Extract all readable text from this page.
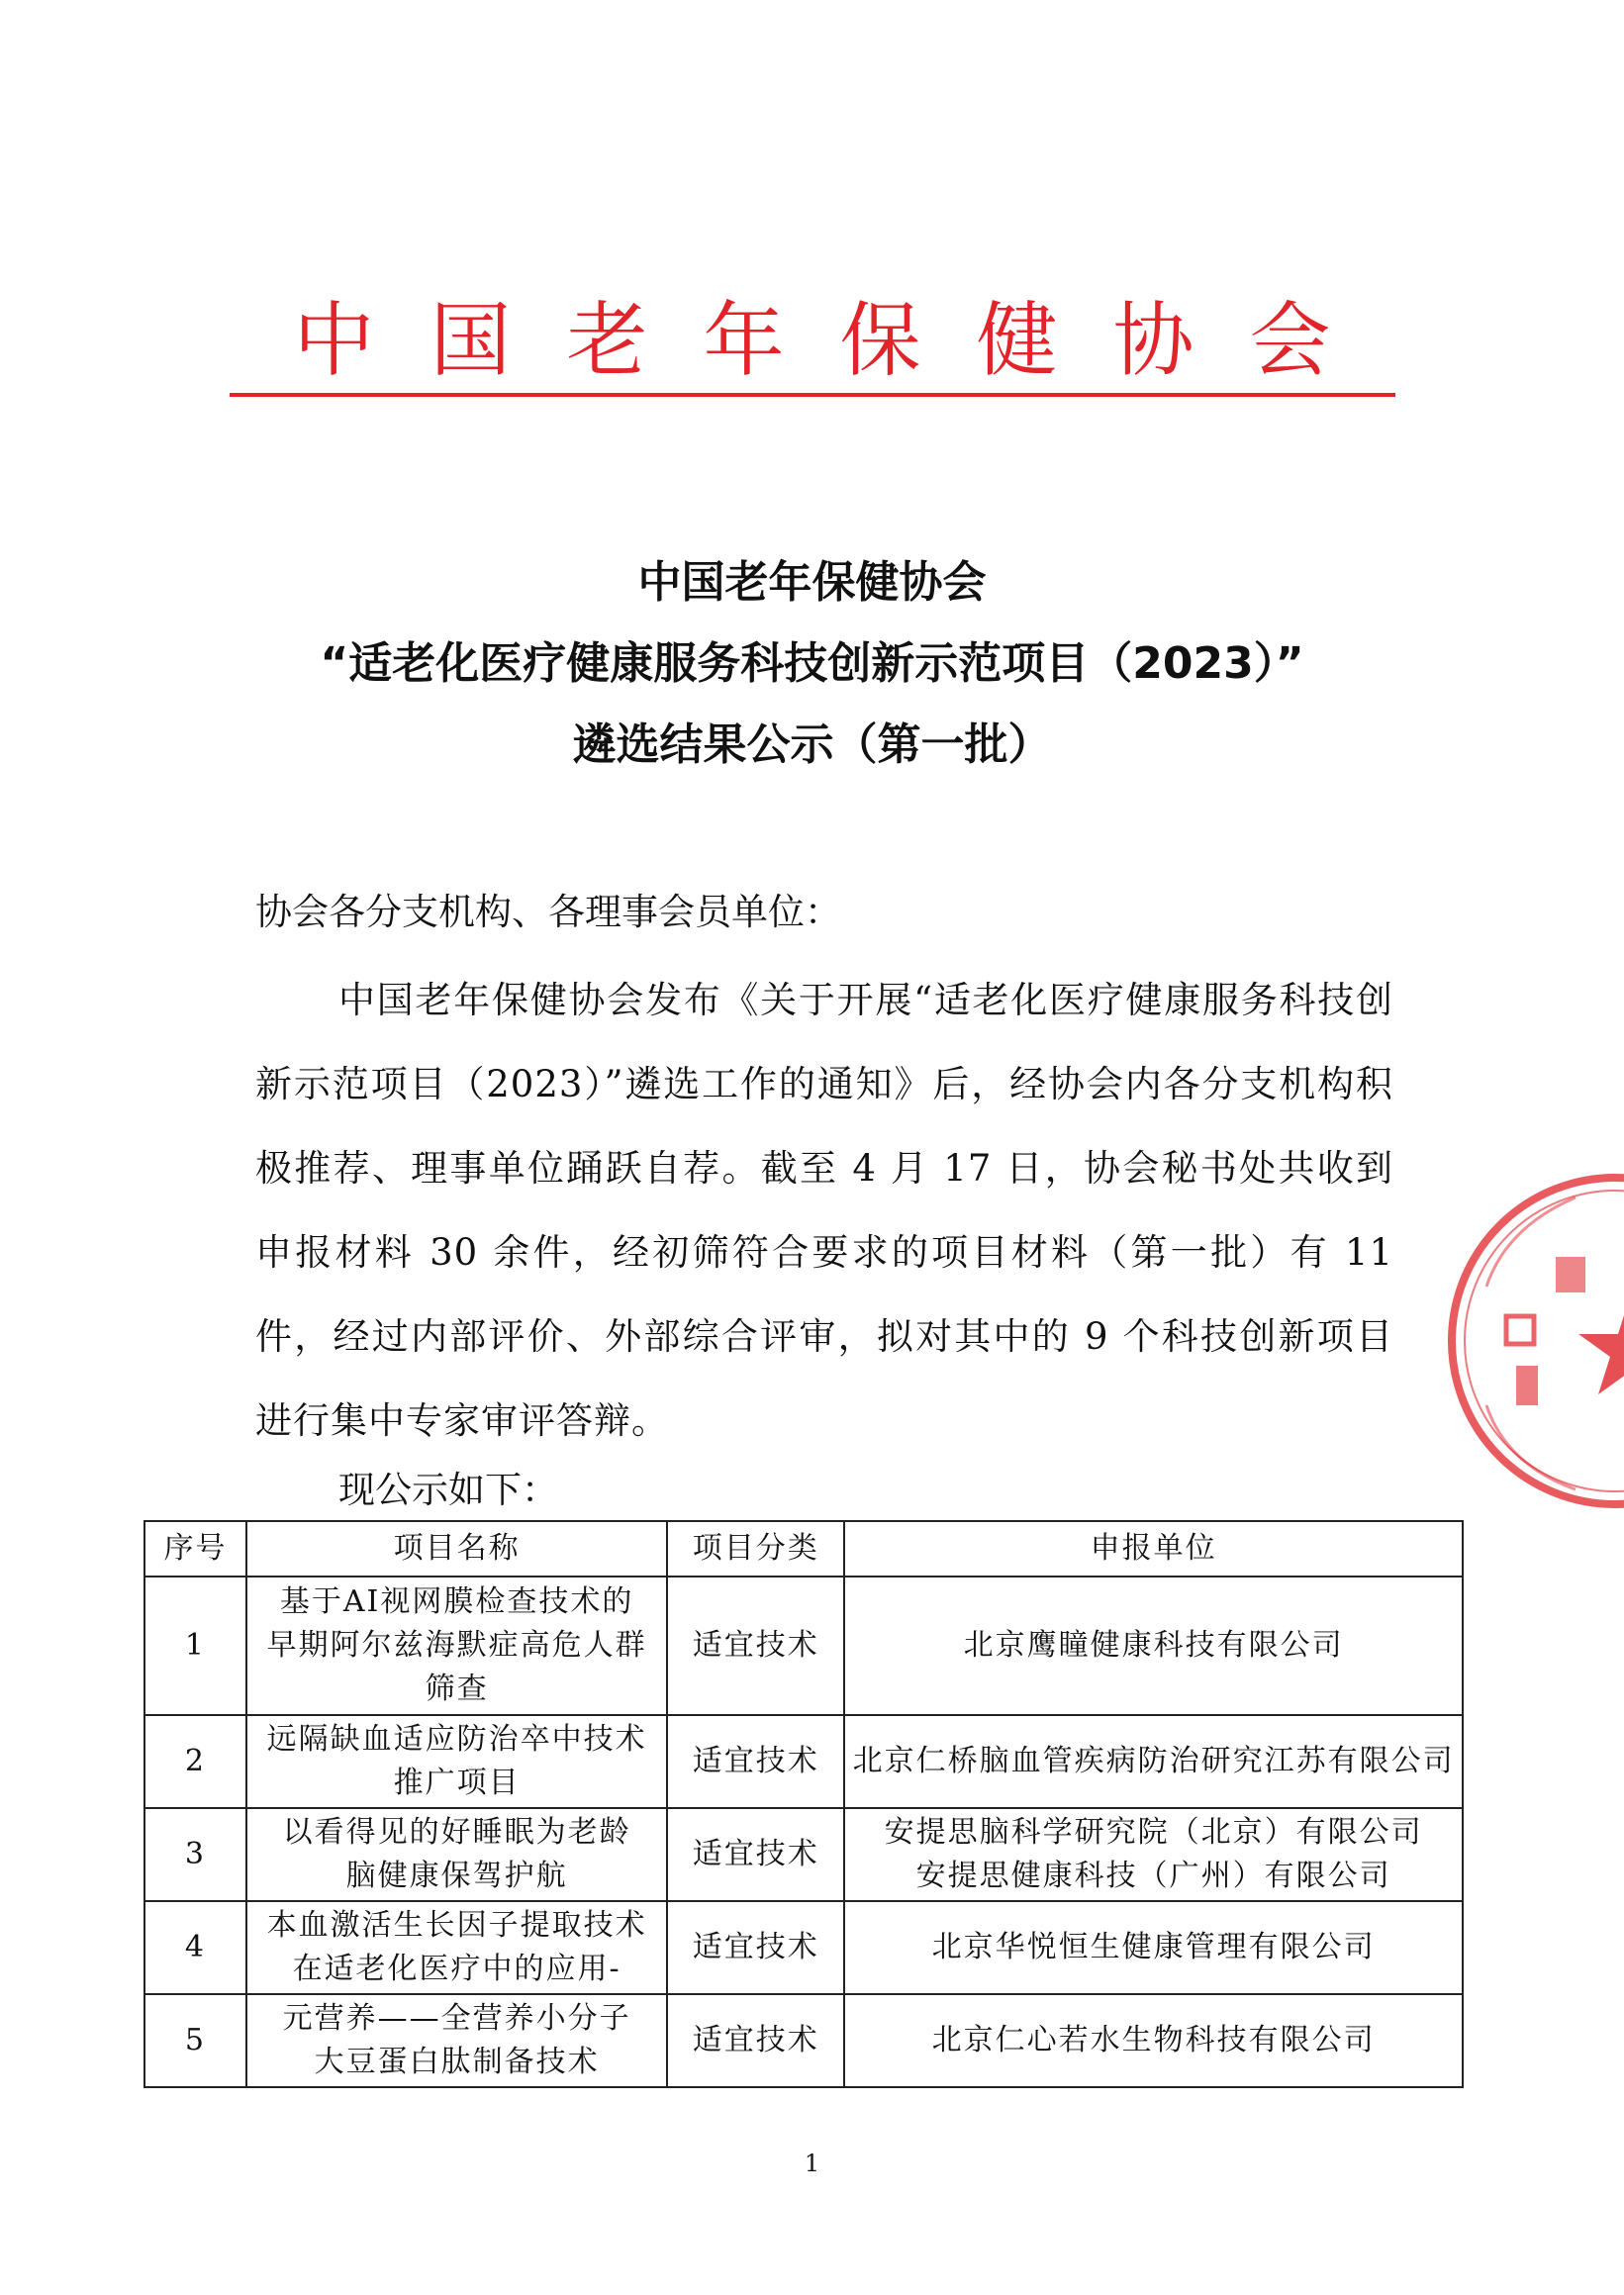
中国老年保健协会
中国老年保健协会
“适老化医疗健康服务科技创新示范项目（2023）”
遴选结果公示（第一批）
协会各分支机构、各理事会员单位：
中国老年保健协会发布《关于开展“适老化医疗健康服务科技创新示范项目（2023）”遴选工作的通知》后，经协会内各分支机构积极推荐、理事单位踊跃自荐。截至 4 月 17 日，协会秘书处共收到申报材料 30 余件，经初筛符合要求的项目材料（第一批）有 11 件，经过内部评价、外部综合评审，拟对其中的 9 个科技创新项目进行集中专家审评答辩。
现公示如下：
序号	项目名称	项目分类	申报单位
1	基于AI视网膜检查技术的
早期阿尔兹海默症高危人群
筛查	适宜技术	北京鹰瞳健康科技有限公司

2	远隔缺血适应防治卒中技术
推广项目	适宜技术	北京仁桥脑血管疾病防治研究江苏有限公司

3	以看得见的好睡眠为老龄
脑健康保驾护航	适宜技术	安提思脑科学研究院（北京）有限公司
安提思健康科技（广州）有限公司

4	本血激活生长因子提取技术
在适老化医疗中的应用-	适宜技术	北京华悦恒生健康管理有限公司

5	元营养——全营养小分子
大豆蛋白肽制备技术	适宜技术	北京仁心若水生物科技有限公司
1
